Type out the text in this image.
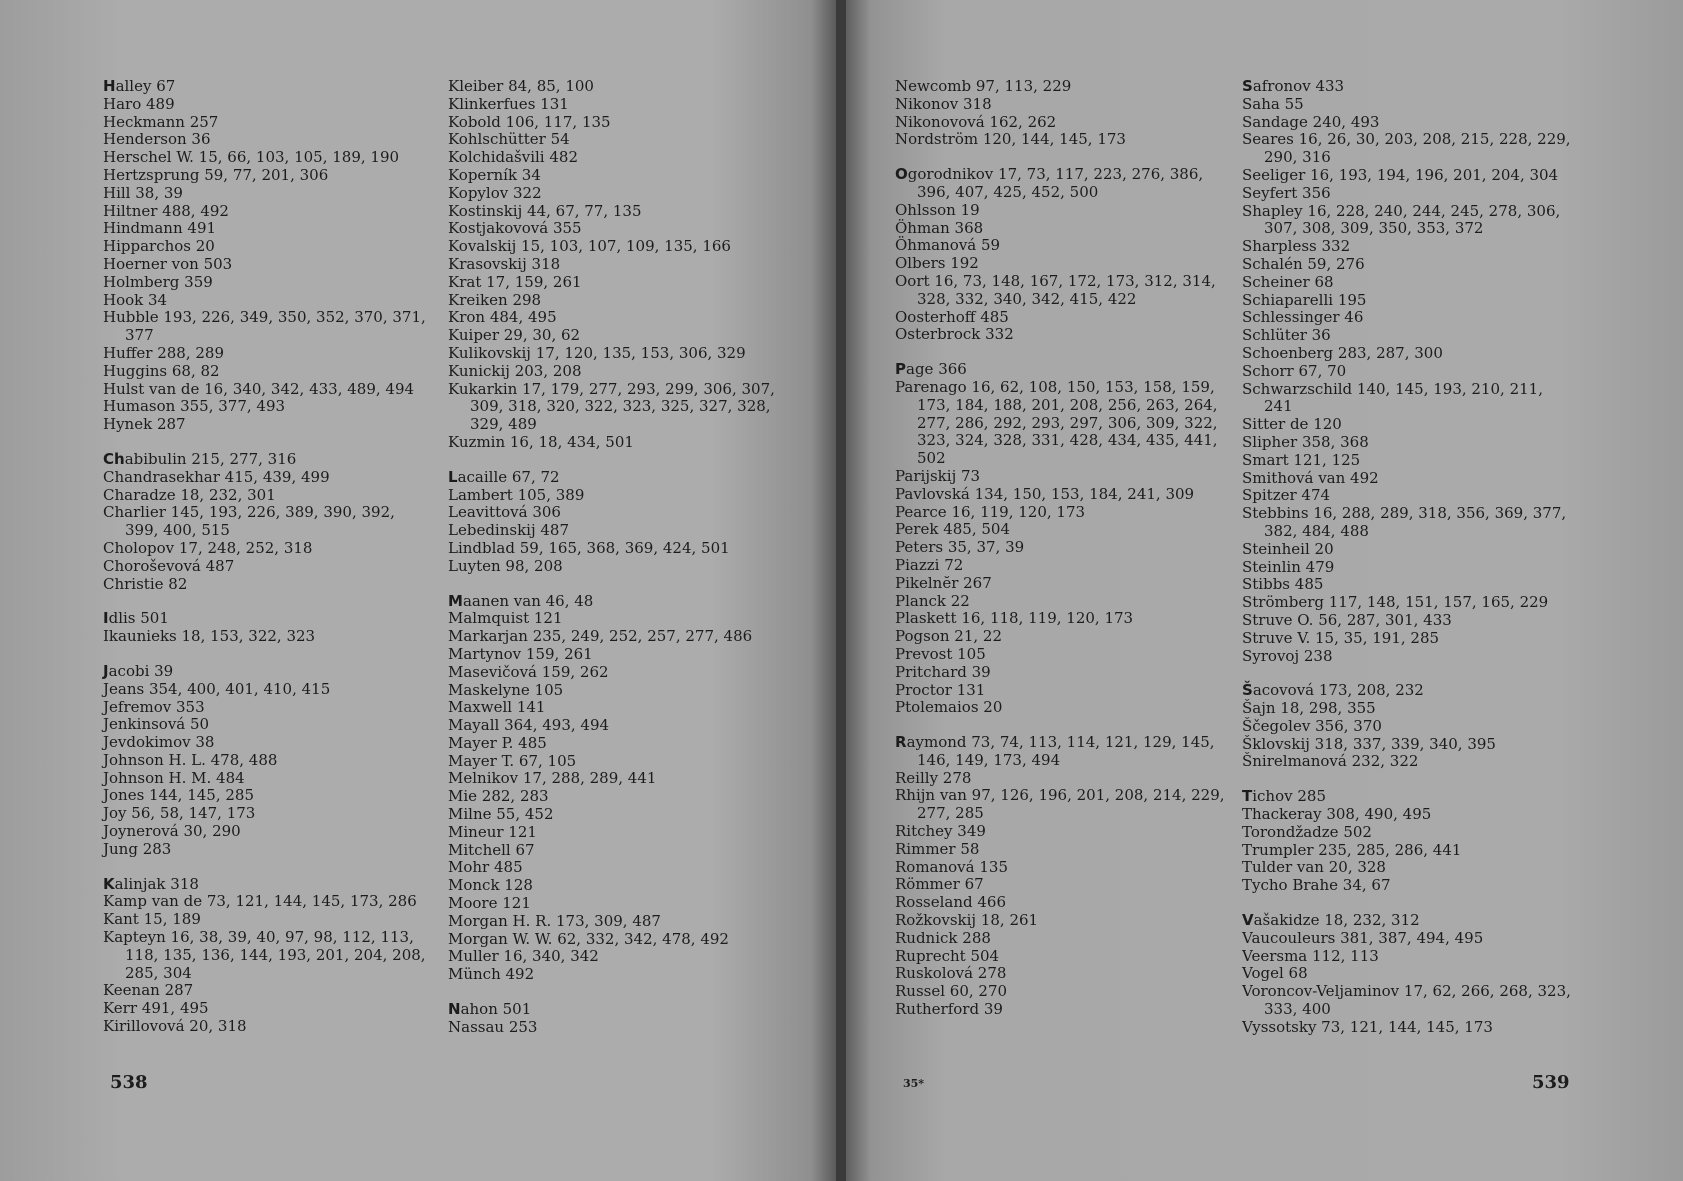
Halley 67
Haro 489
Heckmann 257
Henderson 36
Herschel W. 15, 66, 103, 105, 189, 190
Hertzsprung 59, 77, 201, 306
Hill 38, 39
Hiltner 488, 492
Hindmann 491
Hipparchos 20
Hoerner von 503
Holmberg 359
Hook 34
Hubble 193, 226, 349, 350, 352, 370, 371, 377
Huffer 288, 289
Huggins 68, 82
Hulst van de 16, 340, 342, 433, 489, 494
Humason 355, 377, 493
Hynek 287
Chabibulin 215, 277, 316
Chandrasekhar 415, 439, 499
Charadze 18, 232, 301
Charlier 145, 193, 226, 389, 390, 392, 399, 400, 515
Cholopov 17, 248, 252, 318
Chorоševová 487
Christie 82
Idlis 501
Ikaunieks 18, 153, 322, 323
Jacobi 39
Jeans 354, 400, 401, 410, 415
Jefremov 353
Jenkinsová 50
Jevdokimov 38
Johnson H. L. 478, 488
Johnson H. M. 484
Jones 144, 145, 285
Joy 56, 58, 147, 173
Joynerová 30, 290
Jung 283
Kalinjak 318
Kamp van de 73, 121, 144, 145, 173, 286
Kant 15, 189
Kapteyn 16, 38, 39, 40, 97, 98, 112, 113, 118, 135, 136, 144, 193, 201, 204, 208, 285, 304
Keenan 287
Kerr 491, 495
Kirillovová 20, 318
Kleiber 84, 85, 100
Klinkerfues 131
Kobold 106, 117, 135
Kohlschütter 54
Kolchidašvili 482
Koperník 34
Kopylov 322
Kostinskij 44, 67, 77, 135
Kostjakovová 355
Kovalskij 15, 103, 107, 109, 135, 166
Krasovskij 318
Krat 17, 159, 261
Kreiken 298
Kron 484, 495
Kuiper 29, 30, 62
Kulikovskij 17, 120, 135, 153, 306, 329
Kunickij 203, 208
Kukarkin 17, 179, 277, 293, 299, 306, 307, 309, 318, 320, 322, 323, 325, 327, 328, 329, 489
Kuzmin 16, 18, 434, 501
Lacaille 67, 72
Lambert 105, 389
Leavittová 306
Lebedinskij 487
Lindblad 59, 165, 368, 369, 424, 501
Luyten 98, 208
Maanen van 46, 48
Malmquist 121
Markarjan 235, 249, 252, 257, 277, 486
Martynov 159, 261
Masevičová 159, 262
Maskelyne 105
Maxwell 141
Mayall 364, 493, 494
Mayer P. 485
Mayer T. 67, 105
Melnikov 17, 288, 289, 441
Mie 282, 283
Milne 55, 452
Mineur 121
Mitchell 67
Mohr 485
Monck 128
Moore 121
Morgan H. R. 173, 309, 487
Morgan W. W. 62, 332, 342, 478, 492
Muller 16, 340, 342
Münch 492
Nahon 501
Nassau 253
538
Newcomb 97, 113, 229
Nikonov 318
Nikonovová 162, 262
Nordström 120, 144, 145, 173
Ogorodnikov 17, 73, 117, 223, 276, 386, 396, 407, 425, 452, 500
Ohlsson 19
Öhman 368
Öhmanová 59
Olbers 192
Oort 16, 73, 148, 167, 172, 173, 312, 314, 328, 332, 340, 342, 415, 422
Oosterhoff 485
Osterbrock 332
Page 366
Parenago 16, 62, 108, 150, 153, 158, 159, 173, 184, 188, 201, 208, 256, 263, 264, 277, 286, 292, 293, 297, 306, 309, 322, 323, 324, 328, 331, 428, 434, 435, 441, 502
Parijskij 73
Pavlovská 134, 150, 153, 184, 241, 309
Pearce 16, 119, 120, 173
Perek 485, 504
Peters 35, 37, 39
Piazzi 72
Pikelnĕr 267
Planck 22
Plaskett 16, 118, 119, 120, 173
Pogson 21, 22
Prevost 105
Pritchard 39
Proctor 131
Ptolemaios 20
Raymond 73, 74, 113, 114, 121, 129, 145, 146, 149, 173, 494
Reilly 278
Rhijn van 97, 126, 196, 201, 208, 214, 229, 277, 285
Ritchey 349
Rimmer 58
Romanová 135
Römmer 67
Rosseland 466
Rožkovskij 18, 261
Rudnick 288
Ruprecht 504
Ruskolová 278
Russel 60, 270
Rutherford 39
Safronov 433
Saha 55
Sandage 240, 493
Seares 16, 26, 30, 203, 208, 215, 228, 229, 290, 316
Seeliger 16, 193, 194, 196, 201, 204, 304
Seyfert 356
Shapley 16, 228, 240, 244, 245, 278, 306, 307, 308, 309, 350, 353, 372
Sharpless 332
Schalén 59, 276
Scheiner 68
Schiaparelli 195
Schlessinger 46
Schlüter 36
Schoenberg 283, 287, 300
Schorr 67, 70
Schwarzschild 140, 145, 193, 210, 211, 241
Sitter de 120
Slipher 358, 368
Smart 121, 125
Smithová van 492
Spitzer 474
Stebbins 16, 288, 289, 318, 356, 369, 377, 382, 484, 488
Steinheil 20
Steinlin 479
Stibbs 485
Strömberg 117, 148, 151, 157, 165, 229
Struve O. 56, 287, 301, 433
Struve V. 15, 35, 191, 285
Syrovoj 238
Šacovová 173, 208, 232
Šajn 18, 298, 355
Ščegolev 356, 370
Šklovskij 318, 337, 339, 340, 395
Šnirelmanová 232, 322
Tichov 285
Thackeray 308, 490, 495
Torondžadze 502
Trumpler 235, 285, 286, 441
Tulder van 20, 328
Tycho Brahe 34, 67
Vašakidze 18, 232, 312
Vaucouleurs 381, 387, 494, 495
Veersma 112, 113
Vogel 68
Voroncov-Veljaminov 17, 62, 266, 268, 323, 333, 400
Vyssotsky 73, 121, 144, 145, 173
35*	539
